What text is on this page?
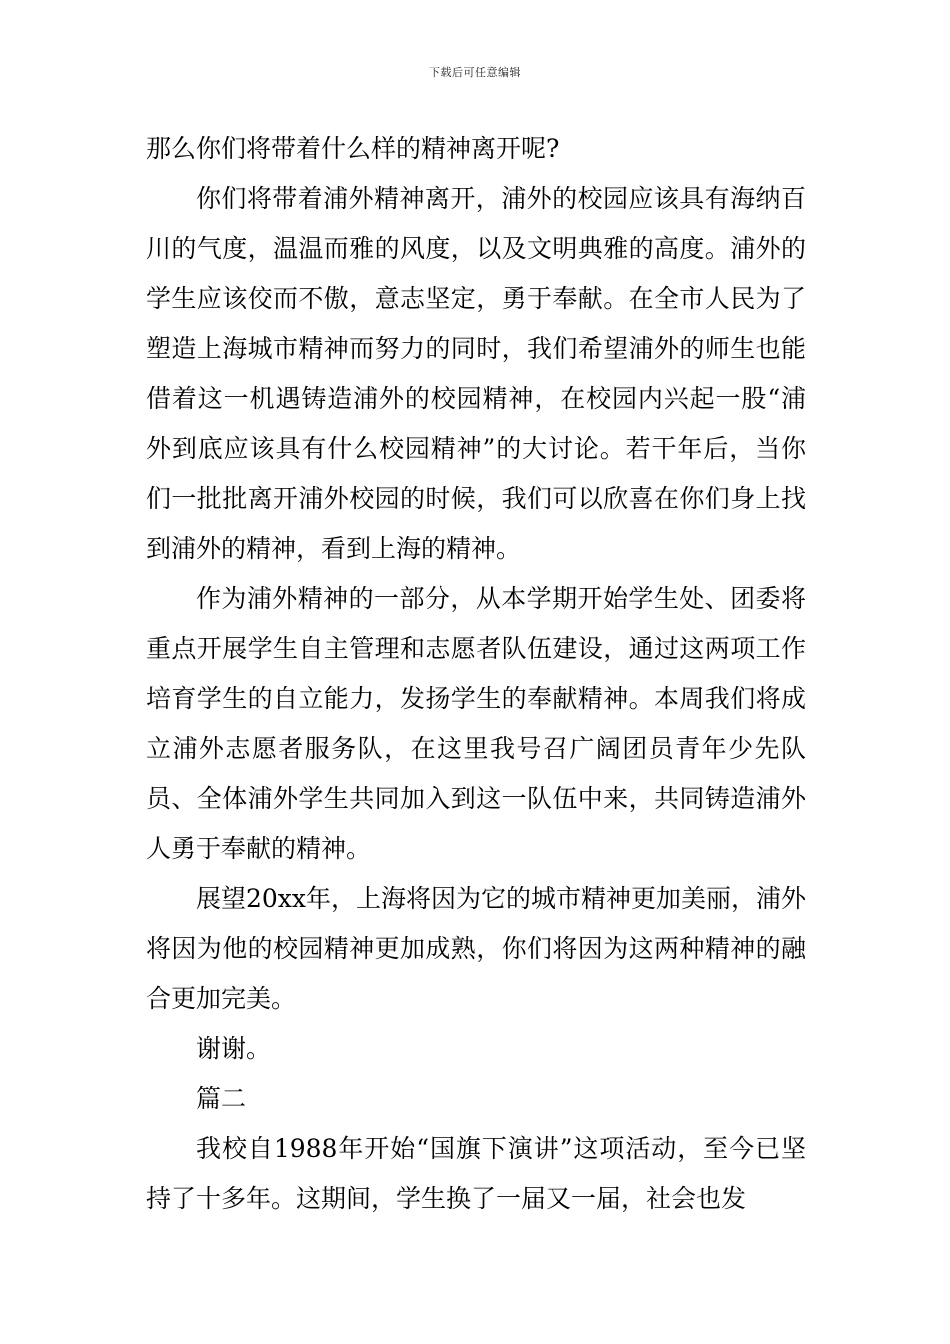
下载后可任意编辑

那么你们将带着什么样的精神离开呢?

你们将带着浦外精神离开，浦外的校园应该具有海纳百川的气度，温温而雅的风度，以及文明典雅的高度。浦外的学生应该佼而不傲，意志坚定，勇于奉献。在全市人民为了塑造上海城市精神而努力的同时，我们希望浦外的师生也能借着这一机遇铸造浦外的校园精神，在校园内兴起一股“浦外到底应该具有什么校园精神”的大讨论。若干年后，当你们一批批离开浦外校园的时候，我们可以欣喜在你们身上找到浦外的精神，看到上海的精神。

作为浦外精神的一部分，从本学期开始学生处、团委将重点开展学生自主管理和志愿者队伍建设，通过这两项工作培育学生的自立能力，发扬学生的奉献精神。本周我们将成立浦外志愿者服务队，在这里我号召广阔团员青年少先队员、全体浦外学生共同加入到这一队伍中来，共同铸造浦外人勇于奉献的精神。

展望20xx年，上海将因为它的城市精神更加美丽，浦外将因为他的校园精神更加成熟，你们将因为这两种精神的融合更加完美。

谢谢。

篇二

我校自1988年开始“国旗下演讲”这项活动，至今已坚持了十多年。这期间，学生换了一届又一届，社会也发
